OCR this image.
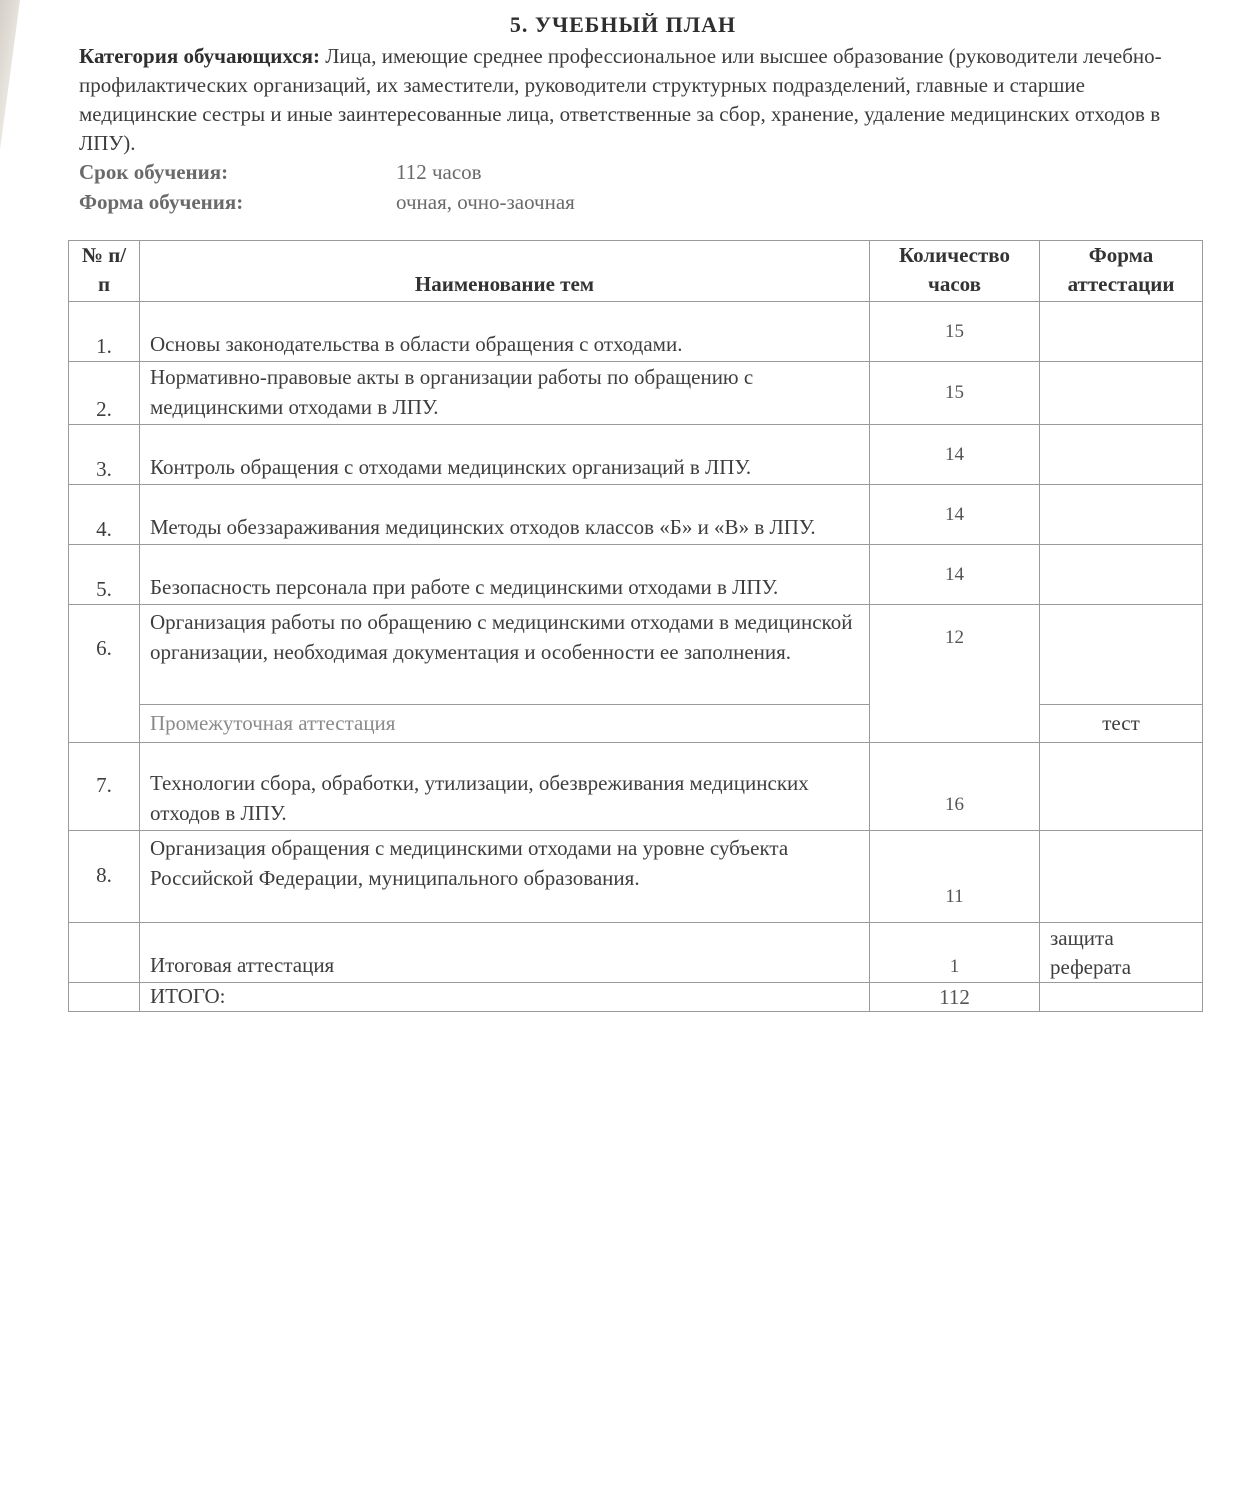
5. УЧЕБНЫЙ ПЛАН
Категория обучающихся: Лица, имеющие среднее профессиональное или высшее образование (руководители лечебно-профилактических организаций, их заместители, руководители структурных подразделений, главные и старшие медицинские сестры и иные заинтересованные лица, ответственные за сбор, хранение, удаление медицинских отходов в ЛПУ).
Срок обучения:	112 часов
Форма обучения:	очная, очно-заочная
№ п/п	Наименование тем	Количество часов	Форма аттестации
1.	Основы законодательства в области обращения с отходами.	15	
2.	Нормативно-правовые акты в организации работы по обращению с медицинскими отходами в ЛПУ.	15	
3.	Контроль обращения с отходами медицинских организаций в ЛПУ.	14	
4.	Методы обеззараживания медицинских отходов классов «Б» и «В» в ЛПУ.	14	
5.	Безопасность персонала при работе с медицинскими отходами в ЛПУ.	14	
6.	Организация работы по обращению с медицинскими отходами в медицинской организации, необходимая документация и особенности ее заполнения.	12	
	Промежуточная аттестация		тест
7.	Технологии сбора, обработки, утилизации, обезвреживания медицинских отходов в ЛПУ.	16	
8.	Организация обращения с медицинскими отходами на уровне субъекта Российской Федерации, муниципального образования.	11	
	Итоговая аттестация	1	защита реферата
	ИТОГО:	112	
